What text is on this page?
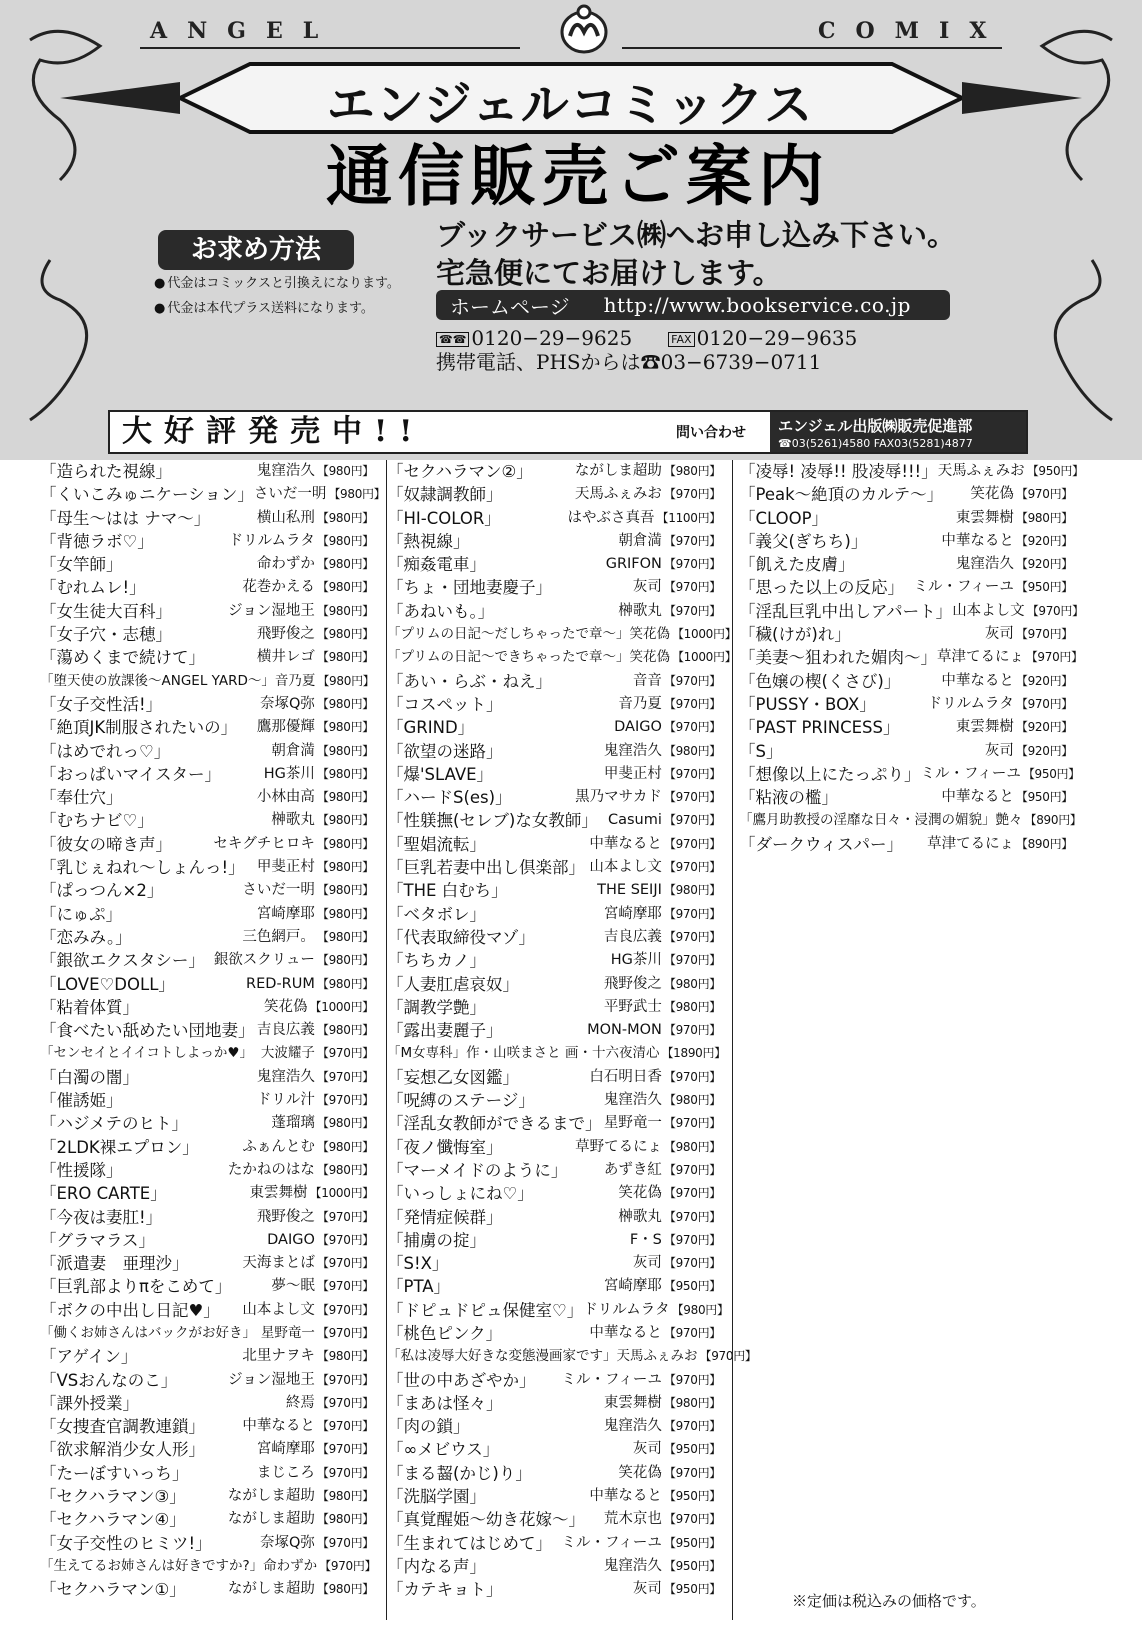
ANGEL	COMIX
エンジェルコミックス
通信販売ご案内
お求め方法
● 代金はコミックスと引換えになります。
● 代金は本代プラス送料になります。
ブックサービス㈱へお申し込み下さい。
宅急便にてお届けします。
ホームページ http://www.bookservice.co.jp
☎☎ 0120−29−9625	FAX 0120−29−9635
携帯電話、PHSからは☎03−6739−0711
大好評発売中!!	問い合わせ エンジェル出版㈱販売促進部
☎03(5261)4580 FAX03(5281)4877
「造られた視線」	鬼窪浩久 【980円】
「くいこみゅニケーション」 さいだ一明 【980円】
「母生〜はは ナマ〜」	横山私刑 【980円】
「背徳ラボ♡」	ドリルムラタ 【980円】
「女竿師」	命わずか 【980円】
「むれムレ!」	花巻かえる 【980円】
「女生徒大百科」	ジョン湿地王 【980円】
「女子穴・志穂」	飛野俊之 【980円】
「蕩めくまで続けて」	横井レゴ 【980円】
「堕天使の放課後〜ANGEL YARD〜」 音乃夏 【980円】
「女子交性活!」	奈塚Q弥 【980円】
「絶頂JK制服されたいの」	鷹那優輝 【980円】
「はめでれっ♡」	朝倉満 【980円】
「おっぱいマイスター」	HG茶川 【980円】
「奉仕穴」	小林由高 【980円】
「むちナビ♡」	榊歌丸 【980円】
「彼女の啼き声」	セキグチヒロキ 【980円】
「乳じぇねれ〜しょんっ!」 甲斐正村 【980円】
「ぱっつん×2」	さいだ一明 【980円】
「にゅぷ」	宮崎摩耶 【980円】
「恋みみ。」	三色網戸。 【980円】
「銀欲エクスタシー」 銀欲スクリュー 【980円】
「LOVE♡DOLL」	RED-RUM 【980円】
「粘着体質」	笑花偽 【1000円】
「食べたい舐めたい団地妻」 吉良広義 【980円】
「センセイとイイコトしよっか♥」 大波耀子 【970円】
「白濁の闇」	鬼窪浩久 【970円】
「催誘姫」	ドリル汁 【970円】
「ハジメテのヒト」	蓬瑠璃 【980円】
「2LDK裸エプロン」	ふぁんとむ 【980円】
「性援隊」	たかねのはな 【980円】
「ERO CARTE」	東雲舞樹 【1000円】
「今夜は妻肛!」	飛野俊之 【970円】
「グラマラス」	DAIGO 【970円】
「派遣妻　亜理沙」	天海まとば 【970円】
「巨乳部よりπをこめて」	夢〜眠 【970円】
「ボクの中出し日記♥」	山本よし文 【970円】
「働くお姉さんはバックがお好き」 星野竜一 【970円】
「アゲイン」	北里ナヲキ 【980円】
「VSおんなのこ」	ジョン湿地王 【970円】
「課外授業」	終焉 【970円】
「女捜査官調教連鎖」	中華なると 【970円】
「欲求解消少女人形」	宮崎摩耶 【970円】
「たーぼすいっち」	まじころ 【970円】
「セクハラマン③」	ながしま超助 【980円】
「セクハラマン④」	ながしま超助 【980円】
「女子交性のヒミツ!」	奈塚Q弥 【970円】
「生えてるお姉さんは好きですか?」 命わずか 【970円】
「セクハラマン①」	ながしま超助 【980円】
「セクハラマン②」	ながしま超助 【980円】
「奴隷調教師」	天馬ふぇみお 【970円】
「HI-COLOR」	はやぶさ真吾 【1100円】
「熱視線」	朝倉満 【970円】
「痴姦電車」	GRIFON 【970円】
「ちょ・団地妻慶子」	灰司 【970円】
「あねいも。」	榊歌丸 【970円】
「プリムの日記〜だしちゃったで章〜」 笑花偽 【1000円】
「プリムの日記〜できちゃったで章〜」 笑花偽 【1000円】
「あい・らぶ・ねえ」	音音 【970円】
「コスペット」	音乃夏 【970円】
「GRIND」	DAIGO 【970円】
「欲望の迷路」	鬼窪浩久 【980円】
「爆'SLAVE」	甲斐正村 【970円】
「ハードS(es)」	黒乃マサカド 【970円】
「性躾撫(セレブ)な女教師」 Casumi 【970円】
「聖娼流転」	中華なると 【970円】
「巨乳若妻中出し倶楽部」 山本よし文 【970円】
「THE 白むち」	THE SEIJI 【980円】
「ベタボレ」	宮崎摩耶 【970円】
「代表取締役マゾ」	吉良広義 【970円】
「ちちカノ」	HG茶川 【970円】
「人妻肛虐哀奴」	飛野俊之 【980円】
「調教学艶」	平野武士 【980円】
「露出妻麗子」	MON-MON 【970円】
「M女専科」 作・山咲まさと 画・十六夜清心 【1890円】
「妄想乙女図鑑」	白石明日香 【970円】
「呪縛のステージ」	鬼窪浩久 【980円】
「淫乱女教師ができるまで」 星野竜一 【970円】
「夜ノ懺悔室」	草野てるにょ 【980円】
「マーメイドのように」	あずき紅 【970円】
「いっしょにね♡」	笑花偽 【970円】
「発情症候群」	榊歌丸 【970円】
「捕虜の掟」	F・S 【970円】
「S!X」	灰司 【970円】
「PTA」	宮崎摩耶 【950円】
「ドピュドピュ保健室♡」 ドリルムラタ 【980円】
「桃色ピンク」	中華なると 【970円】
「私は凌辱大好きな変態漫画家です」 天馬ふぇみお 【970円】
「世の中あざやか」	ミル・フィーユ 【970円】
「まあは怪々」	東雲舞樹 【980円】
「肉の鎖」	鬼窪浩久 【970円】
「∞メビウス」	灰司 【950円】
「まる齧(かじ)り」	笑花偽 【970円】
「洗脳学園」	中華なると 【950円】
「真覚醒姫〜幼き花嫁〜」	荒木京也 【970円】
「生まれてはじめて」 ミル・フィーユ 【950円】
「内なる声」	鬼窪浩久 【950円】
「カテキョト」	灰司 【950円】
「凌辱! 凌辱!! 股凌辱!!!」 天馬ふぇみお 【950円】
「Peak〜絶頂のカルテ〜」	笑花偽 【970円】
「CLOOP」	東雲舞樹 【980円】
「義父(ぎちち)」	中華なると 【920円】
「飢えた皮膚」	鬼窪浩久 【920円】
「思った以上の反応」 ミル・フィーユ 【950円】
「淫乱巨乳中出しアパート」 山本よし文 【970円】
「穢(けが)れ」	灰司 【970円】
「美妻〜狙われた媚肉〜」 草津てるにょ 【970円】
「色嬢の楔(くさび)」	中華なると 【920円】
「PUSSY・BOX」	ドリルムラタ 【970円】
「PAST PRINCESS」	東雲舞樹 【920円】
「S」	灰司 【920円】
「想像以上にたっぷり」 ミル・フィーユ 【950円】
「粘液の檻」	中華なると 【950円】
「鷹月助教授の淫靡な日々・浸潤の媚貌」 艶々 【890円】
「ダークウィスパー」	草津てるにょ 【890円】
※定価は税込みの価格です。
